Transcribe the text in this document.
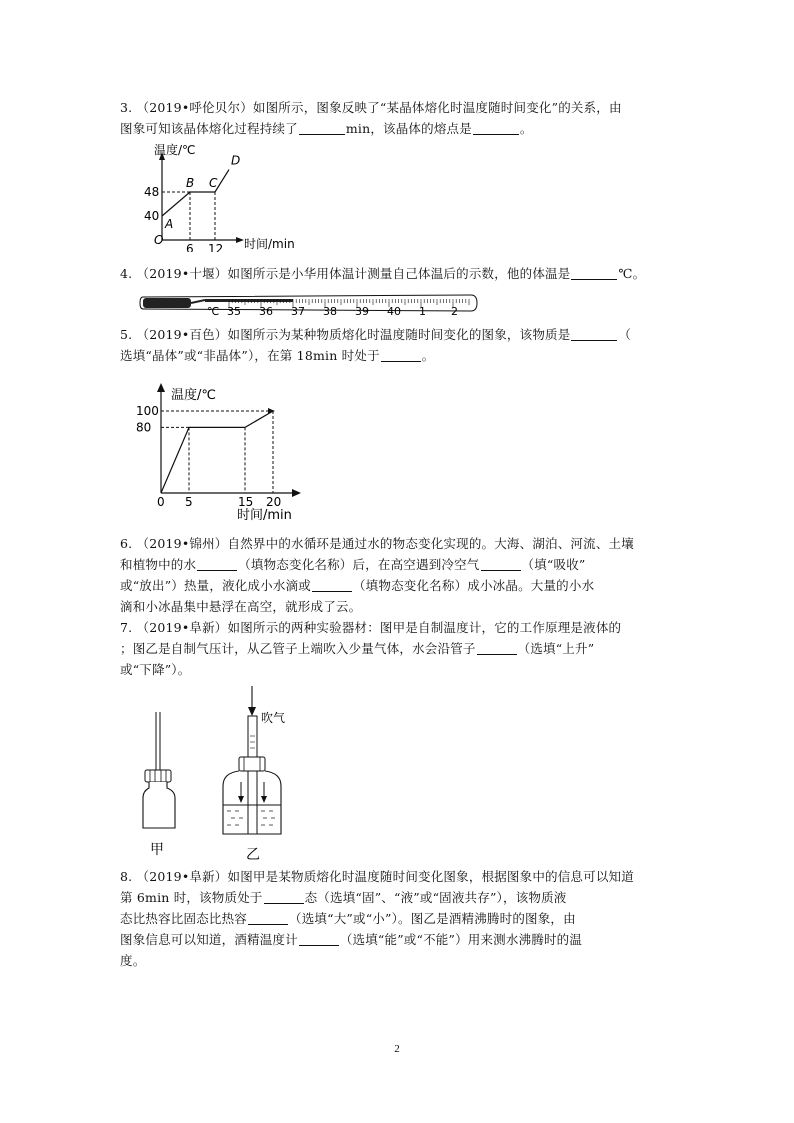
3. （2019•呼伦贝尔）如图所示，图象反映了“某晶体熔化时温度随时间变化”的关系，由
图象可知该晶体熔化过程持续了	min，该晶体的熔点是	。
温度/℃
时间/min
O
A
B C
D
40
48
6 12
4. （2019•十堰）如图所示是小华用体温计测量自己体温后的示数，他的体温是	℃。
35 36 37 38 39 40 1 2
℃
5. （2019•百色）如图所示为某种物质熔化时温度随时间变化的图象，该物质是	（
选填“晶体”或“非晶体”），在第 18min 时处于	。
温度/℃
时间/min
0 5	15 20
80
100
6. （2019•锦州）自然界中的水循环是通过水的物态变化实现的。大海、湖泊、河流、土壤
和植物中的水	（填物态变化名称）后，在高空遇到冷空气	（填“吸收”
或“放出”）热量，液化成小水滴或	（填物态变化名称）成小冰晶。大量的小水
滴和小冰晶集中悬浮在高空，就形成了云。
7. （2019•阜新）如图所示的两种实验器材：图甲是自制温度计，它的工作原理是液体的
；图乙是自制气压计，从乙管子上端吹入少量气体，水会沿管子	（选填“上升”
或“下降”）。
甲
吹气
乙
8. （2019•阜新）如图甲是某物质熔化时温度随时间变化图象，根据图象中的信息可以知道
第 6min 时，该物质处于	态（选填“固”、“液”或“固液共存”），该物质液
态比热容比固态比热容	（选填“大”或“小”）。图乙是酒精沸腾时的图象，由
图象信息可以知道，酒精温度计	（选填“能”或“不能”）用来测水沸腾时的温
度。
2
